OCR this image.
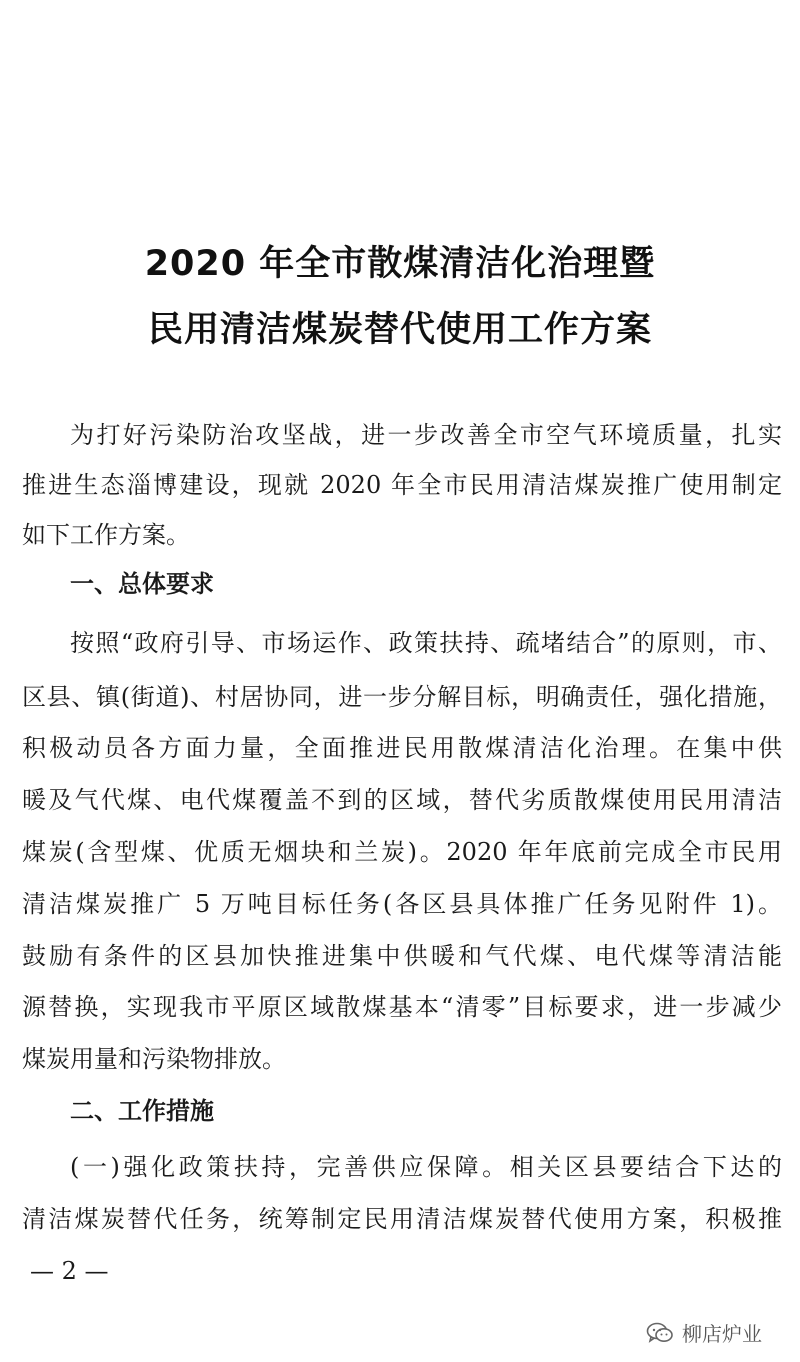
2020 年全市散煤清洁化治理暨
民用清洁煤炭替代使用工作方案
为打好污染防治攻坚战，进一步改善全市空气环境质量，扎实
推进生态淄博建设，现就 2020 年全市民用清洁煤炭推广使用制定
如下工作方案。
一、总体要求
按照“政府引导、市场运作、政策扶持、疏堵结合”的原则，市、
区县、镇(街道)、村居协同，进一步分解目标，明确责任，强化措施，
积极动员各方面力量，全面推进民用散煤清洁化治理。在集中供
暖及气代煤、电代煤覆盖不到的区域，替代劣质散煤使用民用清洁
煤炭(含型煤、优质无烟块和兰炭)。2020 年年底前完成全市民用
清洁煤炭推广 5 万吨目标任务(各区县具体推广任务见附件 1)。
鼓励有条件的区县加快推进集中供暖和气代煤、电代煤等清洁能
源替换，实现我市平原区域散煤基本“清零”目标要求，进一步减少
煤炭用量和污染物排放。
二、工作措施
(一)强化政策扶持，完善供应保障。相关区县要结合下达的
清洁煤炭替代任务，统筹制定民用清洁煤炭替代使用方案，积极推
— 2 —
柳店炉业
